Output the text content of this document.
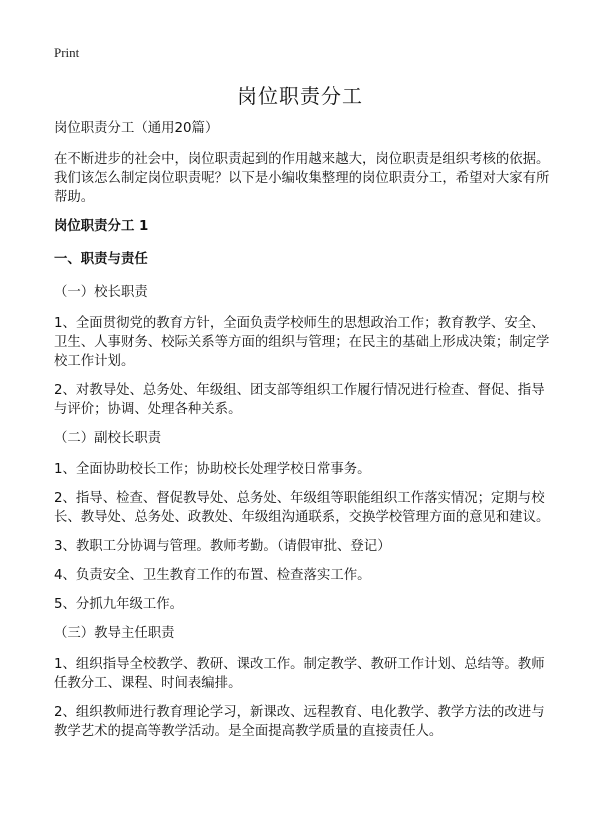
Print
岗位职责分工

岗位职责分工（通用20篇）

在不断进步的社会中，岗位职责起到的作用越来越大，岗位职责是组织考核的依据。我们该怎么制定岗位职责呢？以下是小编收集整理的岗位职责分工，希望对大家有所帮助。

岗位职责分工 1

一、职责与责任

（一）校长职责

1、全面贯彻党的教育方针，全面负责学校师生的思想政治工作；教育教学、安全、卫生、人事财务、校际关系等方面的组织与管理；在民主的基础上形成决策；制定学校工作计划。

2、对教导处、总务处、年级组、团支部等组织工作履行情况进行检查、督促、指导与评价；协调、处理各种关系。

（二）副校长职责

1、全面协助校长工作；协助校长处理学校日常事务。

2、指导、检查、督促教导处、总务处、年级组等职能组织工作落实情况；定期与校长、教导处、总务处、政教处、年级组沟通联系，交换学校管理方面的意见和建议。

3、教职工分协调与管理。教师考勤。（请假审批、登记）

4、负责安全、卫生教育工作的布置、检查落实工作。

5、分抓九年级工作。

（三）教导主任职责

1、组织指导全校教学、教研、课改工作。制定教学、教研工作计划、总结等。教师任教分工、课程、时间表编排。

2、组织教师进行教育理论学习，新课改、远程教育、电化教学、教学方法的改进与教学艺术的提高等教学活动。是全面提高教学质量的直接责任人。
